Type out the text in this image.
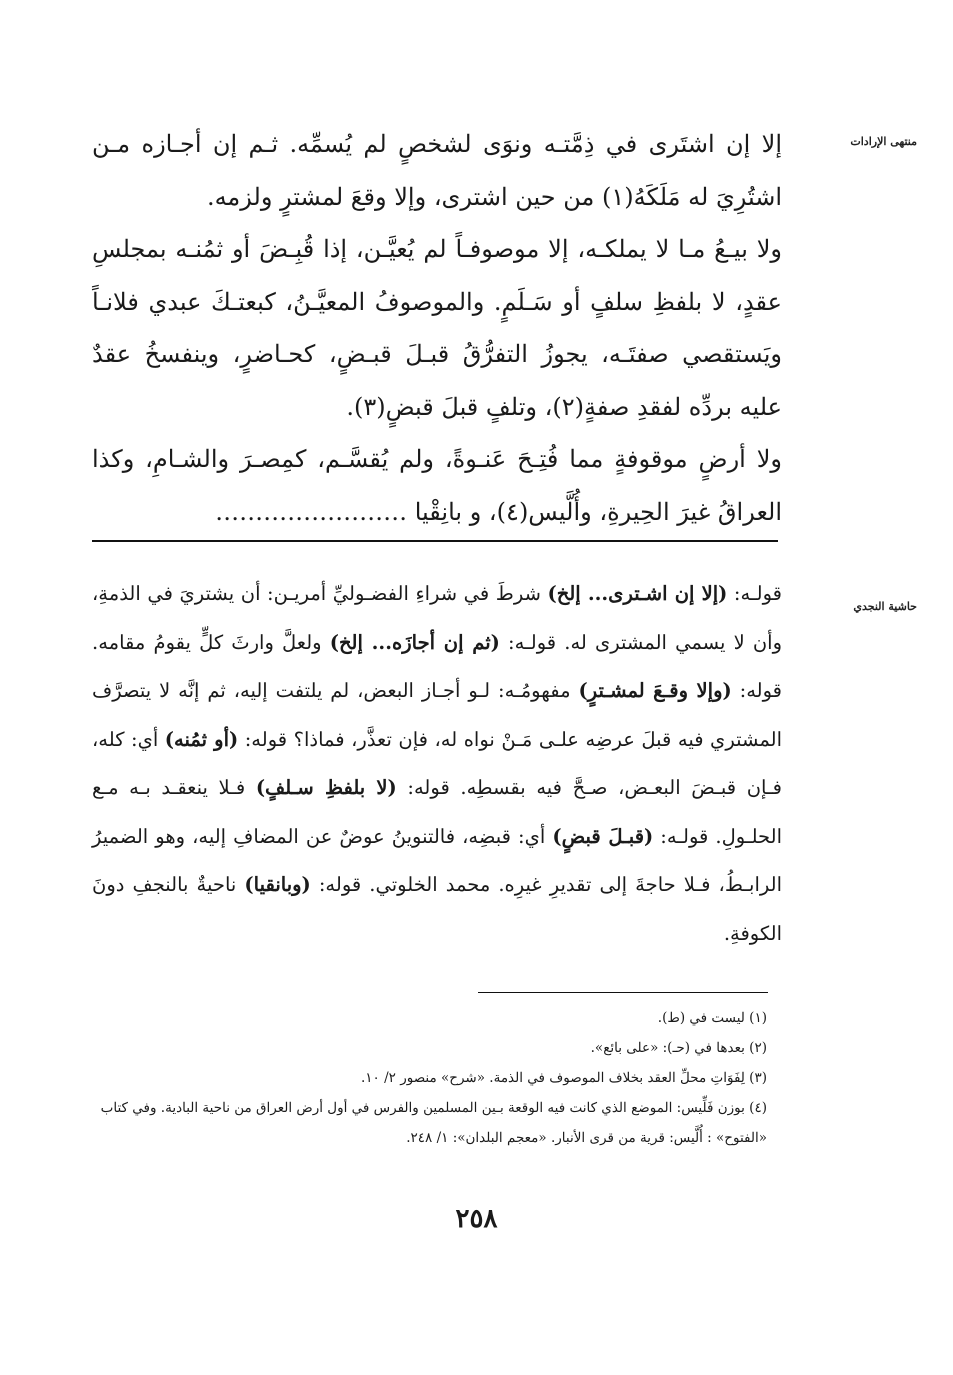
منتهى الإرادات
حاشية النجدي

إلا إن اشتَرى في ذِمَّتـه ونوَى لشخصٍ لم يُسمِّه. ثـم إن أجـازه مـن اشتُرِيَ له مَلَكَهُ(١) من حين اشترى، وإلا وقعَ لمشترٍ ولزمه.

ولا بيـعُ مـا لا يملكـه، إلا موصوفـاً لم يُعيَّـن، إذا قُبِـضَ أو ثمُنـه بمجلسِ عقدٍ، لا بلفظِ سلفٍ أو سَـلَمٍ. والموصوفُ المعيَّـنُ، كبعتـكَ عبدي فلانـاً ويَستقصي صفتَـه، يجوزُ التفرُّقُ قبـلَ قبـضٍ، كحـاضرٍ، وينفسخُ عقدٌ عليه بردِّه لفقدِ صفةٍ(٢)، وتلفٍ قبلَ قبضٍ(٣).

ولا أرضٍ موقوفةٍ مما فُتِـحَ عَنـوةً، ولم يُقسَّـم، كمِصـرَ والشـامِ، وكذا العراقُ غيرَ الحِيرةِ، وأُلَّيس(٤)، و بانِقْيا ……………………

قولـه: (إلا إن اشـترى... إلخ) شرطَ في شراءِ الفضـوليِّ أمريـن: أن يشتريَ في الذمةِ، وأن لا يسمي المشترى له. قولـه: (ثم إن أجازَه... إلخ) ولعلَّ وارثَ كلٍّ يقومُ مقامه. قوله: (وإلا وقـعَ لمشـترٍ) مفهومُـه: لـو أجـاز البعض، لم يلتفت إليه، ثم إنَّه لا يتصرَّف المشتري فيه قبلَ عرضِه علـى مَـنْ نواه له، فإن تعذَّر، فماذا؟ قوله: (أو ثمُنه) أي: كله، فـإن قبـضَ البعـض، صـحَّ فيه بقسطِه. قوله: (لا بلفظِ سـلفٍ) فـلا ينعقـد بـه مـع الحلـولِ. قولـه: (قبـلَ قبضٍ) أي: قبضِه، فالتنوينُ عوضٌ عن المضافِ إليه، وهو الضميرُ الرابـطُ، فـلا حاجةَ إلى تقديرِ غيرِه. محمد الخلوتي. قوله: (وبانقيا) ناحيةٌ بالنجفِ دونَ الكوفةِ.

(١) ليست في (ط).
(٢) بعدها في (حـ): «على بائع».
(٣) لِفَوَاتِ محلِّ العقد بخلاف الموصوف في الذمة. «شرح» منصور ٢/ ١٠.
(٤) بوزن فَلِّيس: الموضع الذي كانت فيه الوقعة بـين المسلمين والفرس في أول أرض العراق من ناحية البادية. وفي كتاب «الفتوح» : أُلَّيس: قرية من قرى الأنبار. «معجم البلدان»: ١/ ٢٤٨.
٢٥٨
